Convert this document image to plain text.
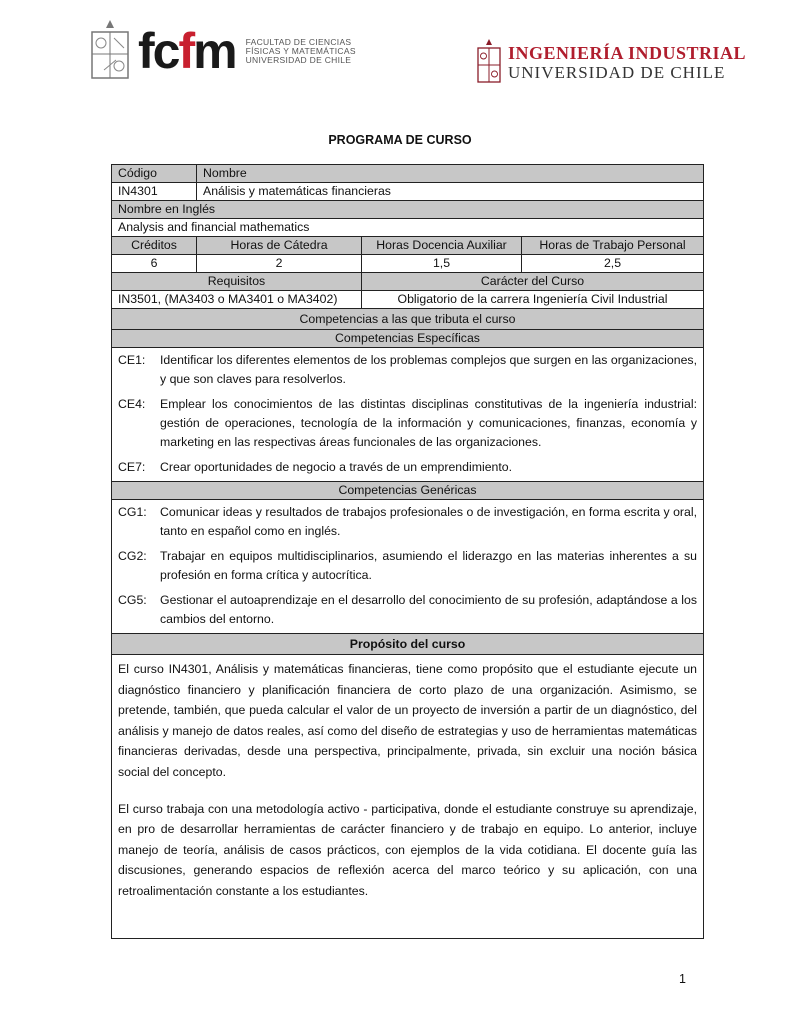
fcfm FACULTAD DE CIENCIAS
FÍSICAS Y MATEMÁTICAS
UNIVERSIDAD DE CHILE	INGENIERÍA INDUSTRIAL
UNIVERSIDAD DE CHILE
PROGRAMA DE CURSO
Código	Nombre
IN4301	Análisis y matemáticas financieras
Nombre en Inglés
Analysis and financial mathematics
Créditos	Horas de Cátedra	Horas Docencia Auxiliar	Horas de Trabajo Personal
6	2	1,5	2,5
Requisitos	Carácter del Curso
IN3501, (MA3403 o MA3401 o MA3402)	Obligatorio de la carrera Ingeniería Civil Industrial
Competencias a las que tributa el curso
Competencias Específicas
CE1:	Identificar los diferentes elementos de los problemas complejos que surgen en las organizaciones, y que son claves para resolverlos.
CE4:	Emplear los conocimientos de las distintas disciplinas constitutivas de la ingeniería industrial: gestión de operaciones, tecnología de la información y comunicaciones, finanzas, economía y marketing en las respectivas áreas funcionales de las organizaciones.
CE7:	Crear oportunidades de negocio a través de un emprendimiento.
Competencias Genéricas
CG1:	Comunicar ideas y resultados de trabajos profesionales o de investigación, en forma escrita y oral, tanto en español como en inglés.
CG2:	Trabajar en equipos multidisciplinarios, asumiendo el liderazgo en las materias inherentes a su profesión en forma crítica y autocrítica.
CG5:	Gestionar el autoaprendizaje en el desarrollo del conocimiento de su profesión, adaptándose a los cambios del entorno.
Propósito del curso

El curso IN4301, Análisis y matemáticas financieras, tiene como propósito que el estudiante ejecute un diagnóstico financiero y planificación financiera de corto plazo de una organización. Asimismo, se pretende, también, que pueda calcular el valor de un proyecto de inversión a partir de un diagnóstico, del análisis y manejo de datos reales, así como del diseño de estrategias y uso de herramientas matemáticas financieras derivadas, desde una perspectiva, principalmente, privada, sin excluir una noción básica social del concepto.

El curso trabaja con una metodología activo - participativa, donde el estudiante construye su aprendizaje, en pro de desarrollar herramientas de carácter financiero y de trabajo en equipo. Lo anterior, incluye manejo de teoría, análisis de casos prácticos, con ejemplos de la vida cotidiana. El docente guía las discusiones, generando espacios de reflexión acerca del marco teórico y su aplicación, con una retroalimentación constante a los estudiantes.

1
